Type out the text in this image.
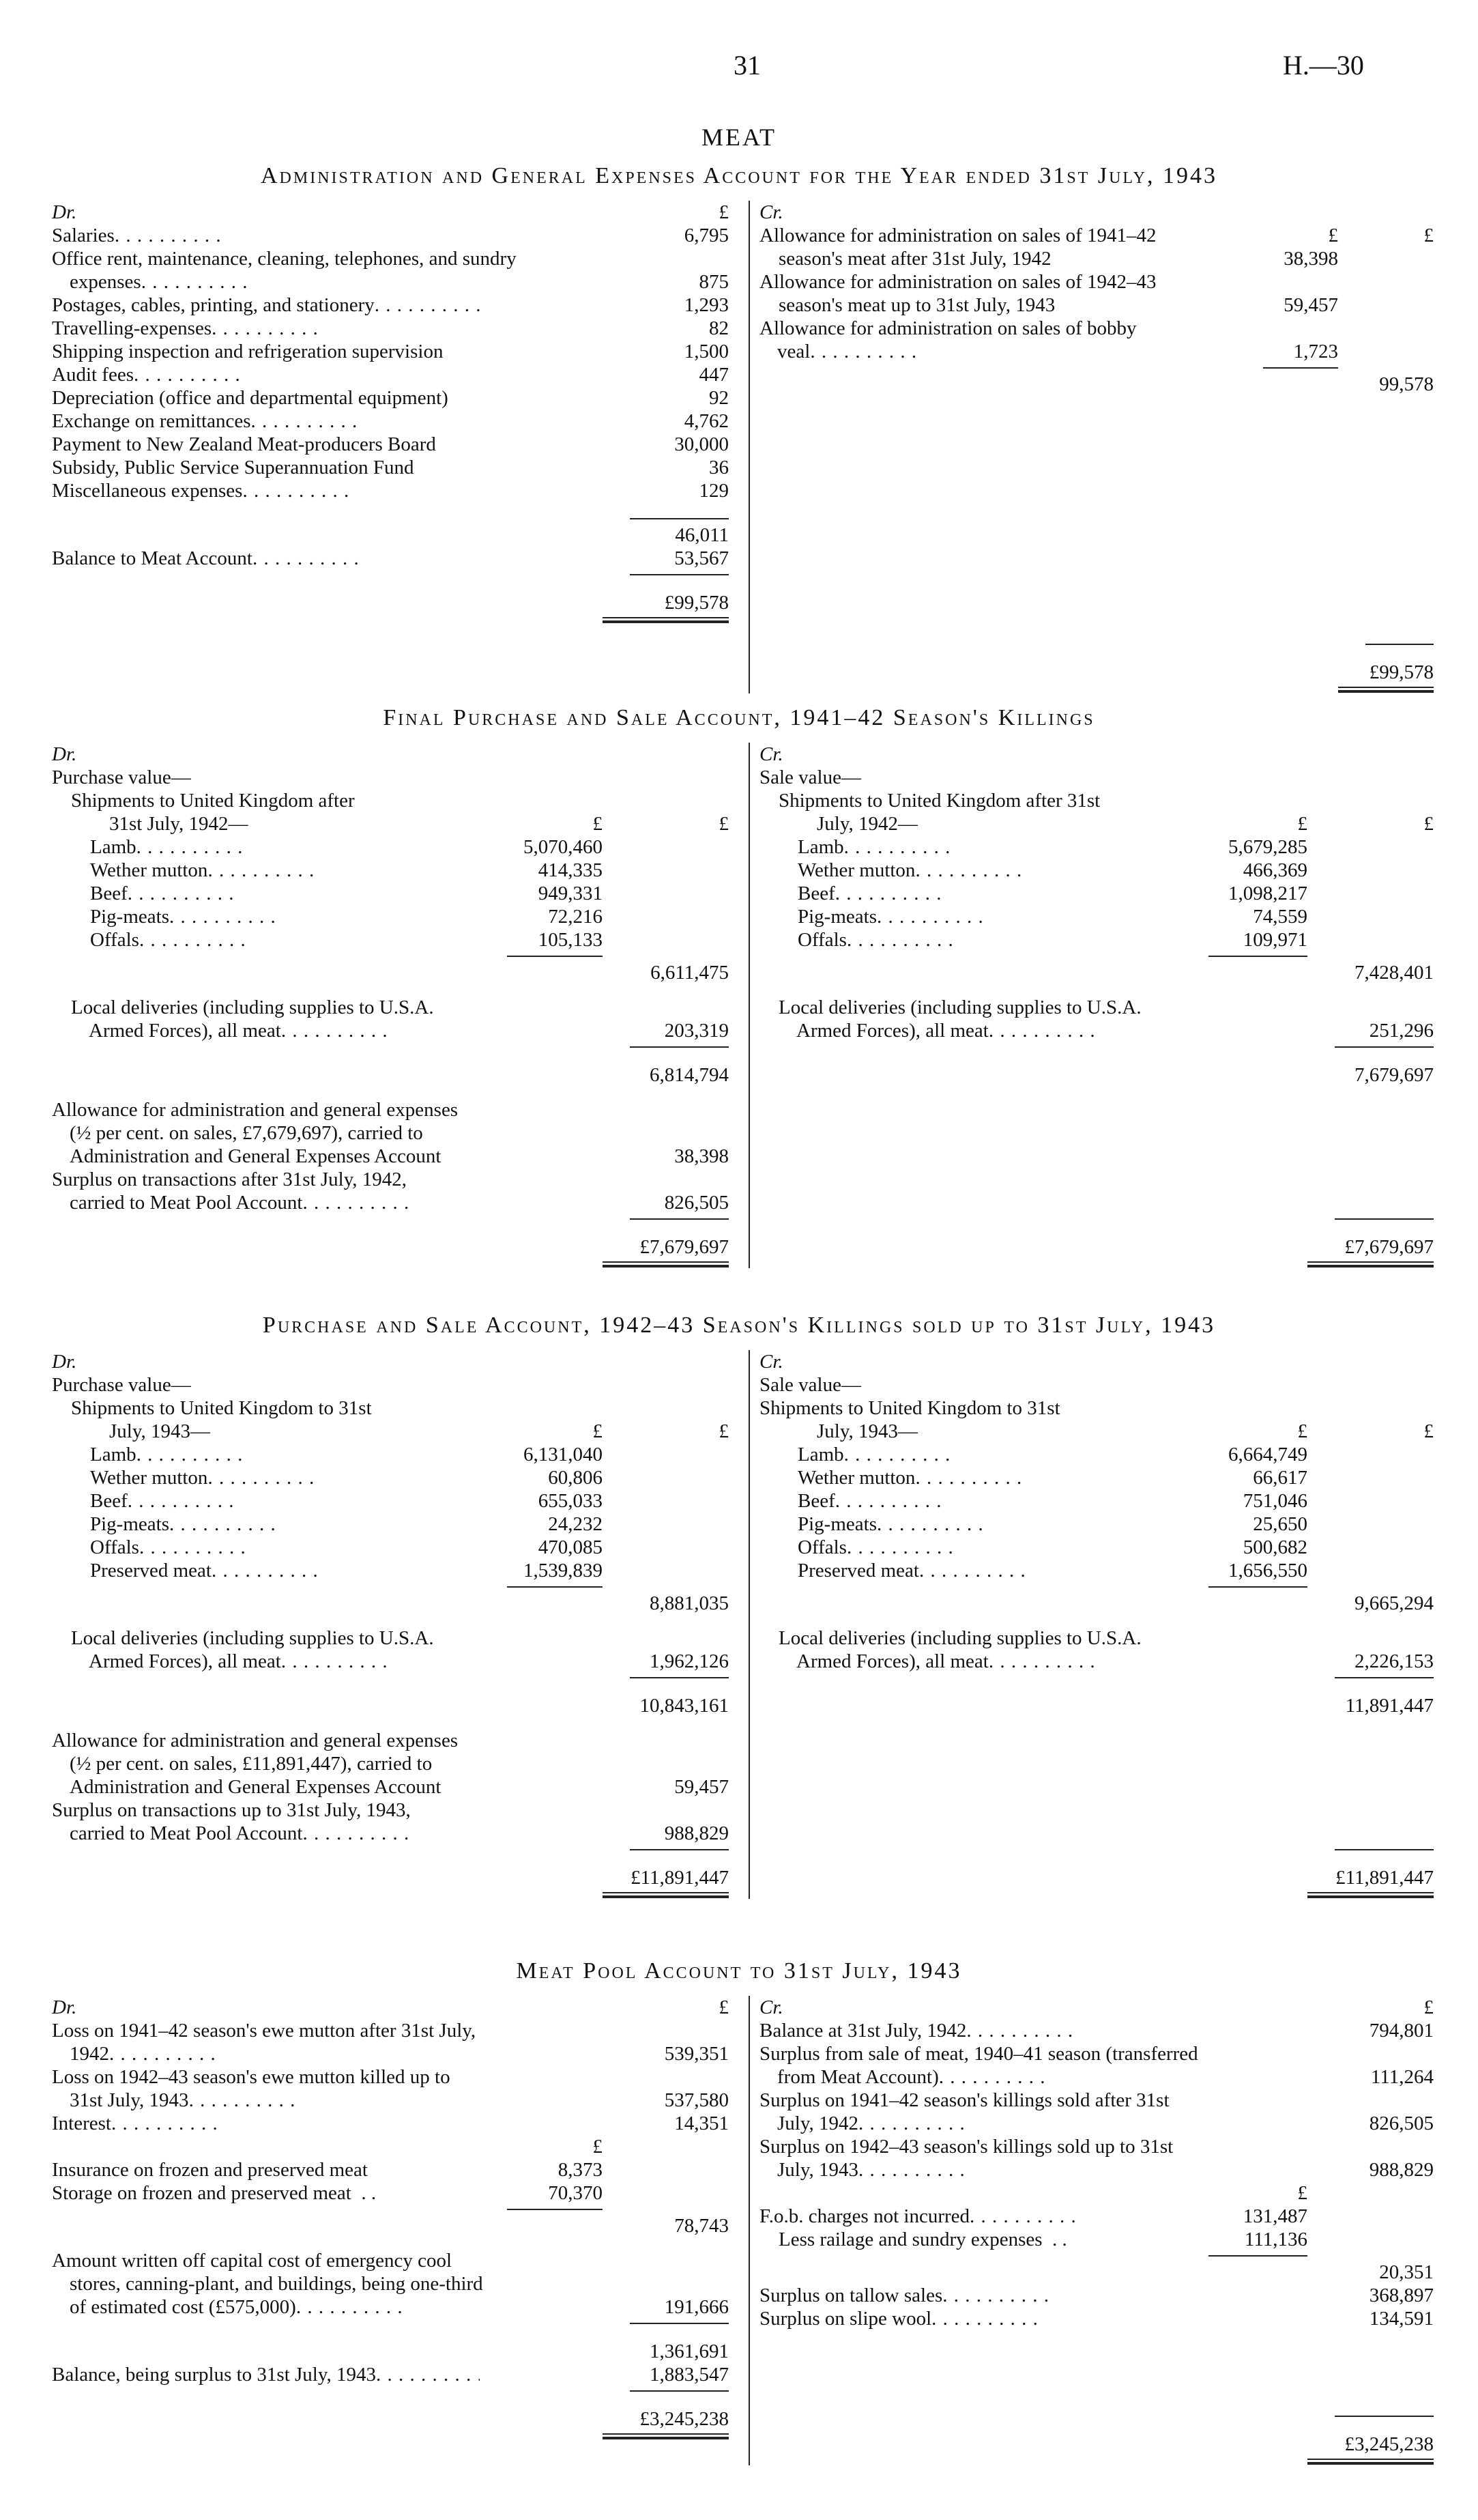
31	H.—30
MEAT
Administration and General Expenses Account for the Year ended 31st July, 1943
Dr.	£
Salaries . .	6,795
Office rent, maintenance, cleaning, telephones, and sundry
expenses . .	875
Postages, cables, printing, and stationery . .	1,293
Travelling-expenses . .	82
Shipping inspection and refrigeration supervision	1,500
Audit fees . .	447
Depreciation (office and departmental equipment)	92
Exchange on remittances . .	4,762
Payment to New Zealand Meat-producers Board	30,000
Subsidy, Public Service Superannuation Fund	36
Miscellaneous expenses . .	129
46,011
Balance to Meat Account . .	53,567
£99,578
Cr.
Allowance for administration on sales of 1941–42	£	£
season's meat after 31st July, 1942	38,398
Allowance for administration on sales of 1942–43
season's meat up to 31st July, 1943	59,457
Allowance for administration on sales of bobby
veal . .	1,723
99,578
£99,578
Final Purchase and Sale Account, 1941–42 Season's Killings
Dr.
Purchase value—
Shipments to United Kingdom after
31st July, 1942—	£	£
Lamb . .	5,070,460
Wether mutton . .	414,335
Beef . .	949,331
Pig-meats . .	72,216
Offals . .	105,133
6,611,475
Local deliveries (including supplies to U.S.A.
Armed Forces), all meat . .	203,319
6,814,794
Allowance for administration and general expenses
(½ per cent. on sales, £7,679,697), carried to
Administration and General Expenses Account	38,398
Surplus on transactions after 31st July, 1942,
carried to Meat Pool Account . .	826,505
£7,679,697
Cr.
Sale value—
Shipments to United Kingdom after 31st
July, 1942—	£	£
Lamb . .	5,679,285
Wether mutton . .	466,369
Beef . .	1,098,217
Pig-meats . .	74,559
Offals . .	109,971
7,428,401
Local deliveries (including supplies to U.S.A.
Armed Forces), all meat . .	251,296
7,679,697
£7,679,697
Purchase and Sale Account, 1942–43 Season's Killings sold up to 31st July, 1943
Dr.
Purchase value—
Shipments to United Kingdom to 31st
July, 1943—	£	£
Lamb . .	6,131,040
Wether mutton . .	60,806
Beef . .	655,033
Pig-meats . .	24,232
Offals . .	470,085
Preserved meat . .	1,539,839
8,881,035
Local deliveries (including supplies to U.S.A.
Armed Forces), all meat . .	1,962,126
10,843,161
Allowance for administration and general expenses
(½ per cent. on sales, £11,891,447), carried to
Administration and General Expenses Account	59,457
Surplus on transactions up to 31st July, 1943,
carried to Meat Pool Account . .	988,829
£11,891,447
Cr.
Sale value—
Shipments to United Kingdom to 31st
July, 1943—	£	£
Lamb . .	6,664,749
Wether mutton . .	66,617
Beef . .	751,046
Pig-meats . .	25,650
Offals . .	500,682
Preserved meat . .	1,656,550
9,665,294
Local deliveries (including supplies to U.S.A.
Armed Forces), all meat . .	2,226,153
11,891,447
£11,891,447
Meat Pool Account to 31st July, 1943
Dr.	£
Loss on 1941–42 season's ewe mutton after 31st July,
1942 . .	539,351
Loss on 1942–43 season's ewe mutton killed up to
31st July, 1943 . .	537,580
Interest . .	14,351
£
Insurance on frozen and preserved meat	8,373
Storage on frozen and preserved meat  . .	70,370
78,743
Amount written off capital cost of emergency cool
stores, canning-plant, and buildings, being one-third
of estimated cost (£575,000) . .	191,666
1,361,691
Balance, being surplus to 31st July, 1943 . .	1,883,547
£3,245,238
Cr.	£
Balance at 31st July, 1942 . .	794,801
Surplus from sale of meat, 1940–41 season (transferred
from Meat Account) . .	111,264
Surplus on 1941–42 season's killings sold after 31st
July, 1942 . .	826,505
Surplus on 1942–43 season's killings sold up to 31st
July, 1943 . .	988,829
£
F.o.b. charges not incurred . .	131,487
Less railage and sundry expenses  . .	111,136
20,351
Surplus on tallow sales . .	368,897
Surplus on slipe wool . .	134,591
£3,245,238
